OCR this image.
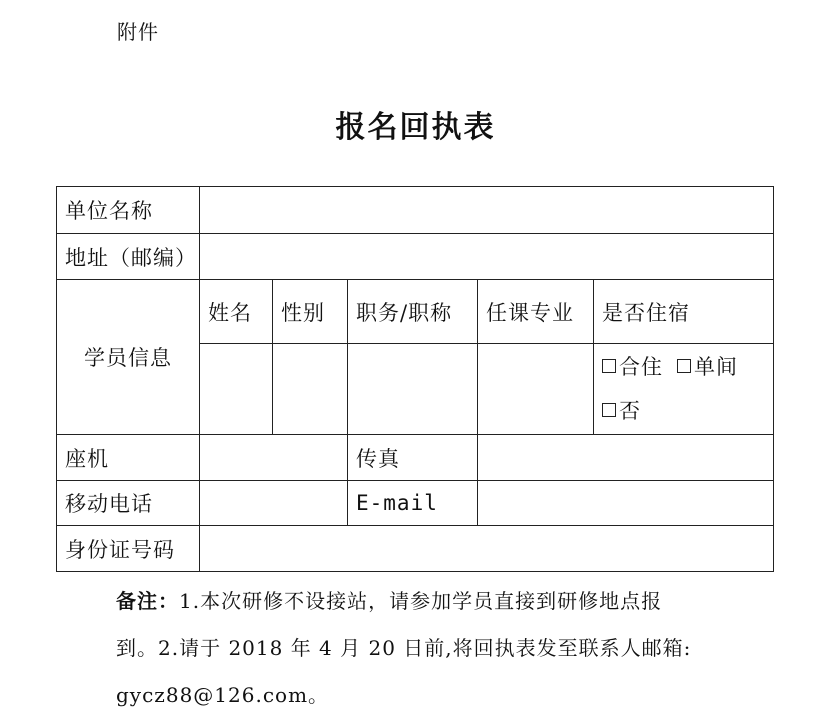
附件
报名回执表
单位名称					
地址（邮编）					
学员信息	姓名	性别	职务/职称	任课专业	是否住宿

					合住 单间
否

座机			传真		
移动电话			E-mail		
身份证号码					
备注：1.本次研修不设接站，请参加学员直接到研修地点报
到。2.请于 2018 年 4 月 20 日前,将回执表发至联系人邮箱:
gycz88@126.com。
